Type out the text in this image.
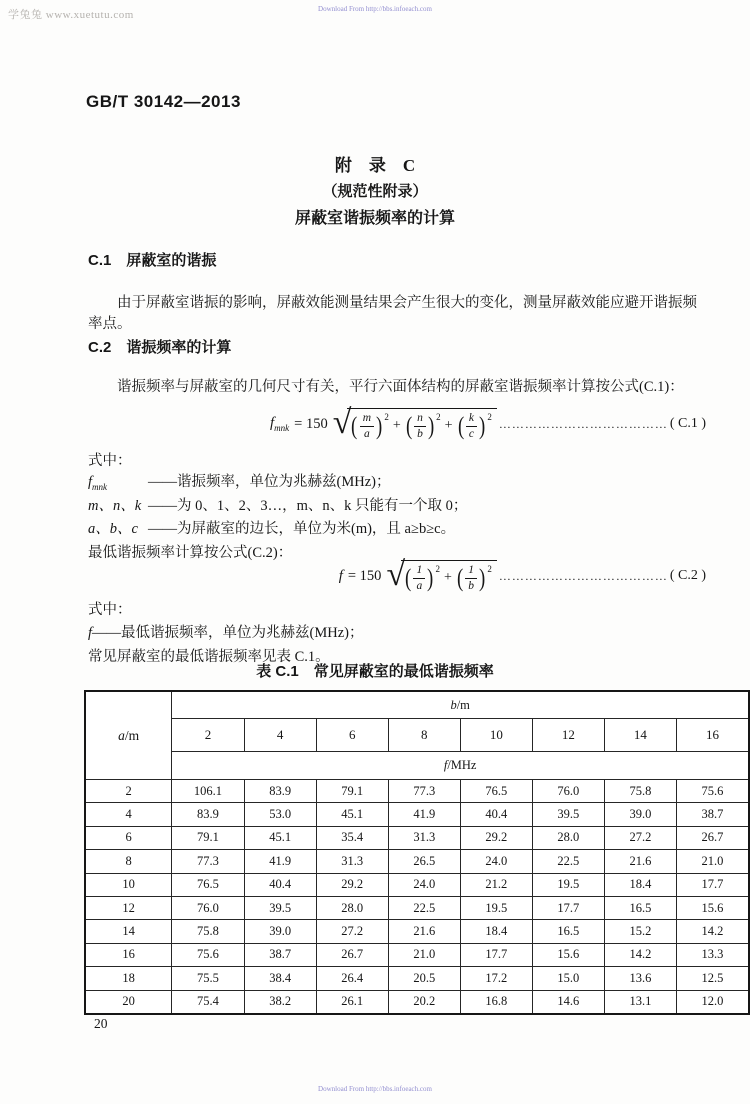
学兔兔 www.xuetutu.com	Download From http://bbs.infoeach.com
GB/T 30142—2013
附　录　C
（规范性附录）
屏蔽室谐振频率的计算
C.1　屏蔽室的谐振
由于屏蔽室谐振的影响，屏蔽效能测量结果会产生很大的变化，测量屏蔽效能应避开谐振频率点。
C.2　谐振频率的计算
谐振频率与屏蔽室的几何尺寸有关，平行六面体结构的屏蔽室谐振频率计算按公式(C.1)：
$f_{mnk} = 150$ √ ( $\frac{m}{a}$ ) 2
+ ( $\frac{n}{b}$ ) 2
+ ( $\frac{k}{c}$ ) 2 ………………………………… ( C.1 )
式中：
$f_{mnk}$	——谐振频率，单位为兆赫兹(MHz)；
m、n、k ——为 0、1、2、3…，m、n、k 只能有一个取 0；
a、b、c ——为屏蔽室的边长，单位为米(m)，且 a≥b≥c。
最低谐振频率计算按公式(C.2)：
f = 150 √ ( $\frac{1}{a}$ ) 2
+ ( $\frac{1}{b}$ ) 2 ………………………………… ( C.2 )
式中：
f——最低谐振频率，单位为兆赫兹(MHz)；
常见屏蔽室的最低谐振频率见表 C.1。
表 C.1　常见屏蔽室的最低谐振频率
a/m	b/m							
	2	4	6	8	10	12	14	16
	f/MHz							
2	106.1	83.9	79.1	77.3	76.5	76.0	75.8	75.6
4	83.9	53.0	45.1	41.9	40.4	39.5	39.0	38.7
6	79.1	45.1	35.4	31.3	29.2	28.0	27.2	26.7
8	77.3	41.9	31.3	26.5	24.0	22.5	21.6	21.0
10	76.5	40.4	29.2	24.0	21.2	19.5	18.4	17.7
12	76.0	39.5	28.0	22.5	19.5	17.7	16.5	15.6
14	75.8	39.0	27.2	21.6	18.4	16.5	15.2	14.2
16	75.6	38.7	26.7	21.0	17.7	15.6	14.2	13.3
18	75.5	38.4	26.4	20.5	17.2	15.0	13.6	12.5
20	75.4	38.2	26.1	20.2	16.8	14.6	13.1	12.0
20
Download From http://bbs.infoeach.com
